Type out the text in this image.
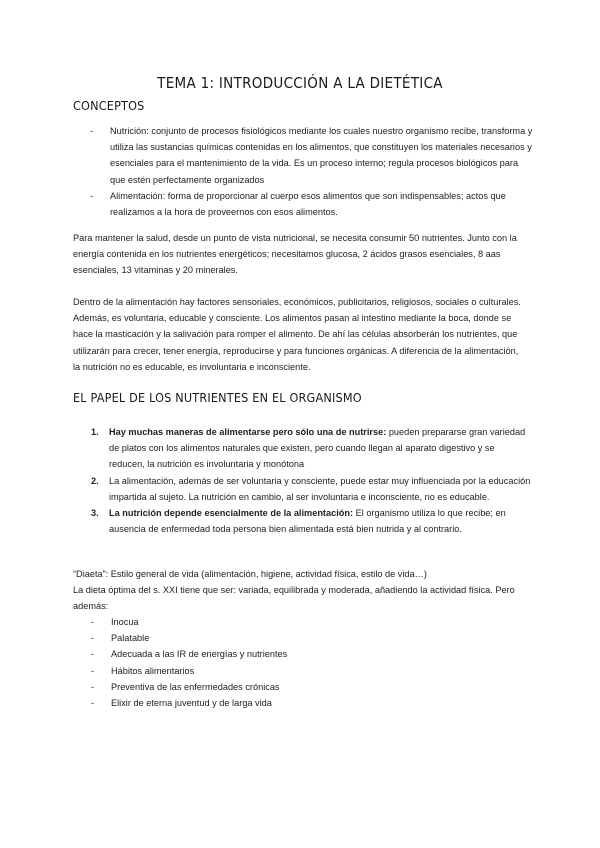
TEMA 1: INTRODUCCIÓN A LA DIETÉTICA
CONCEPTOS
- Nutrición: conjunto de procesos fisiológicos mediante los cuales nuestro organismo recibe, transforma y utiliza las sustancias químicas contenidas en los alimentos, que constituyen los materiales necesarios y esenciales para el mantenimiento de la vida. Es un proceso interno; regula procesos biológicos para que estén perfectamente organizados
- Alimentación: forma de proporcionar al cuerpo esos alimentos que son indispensables; actos que realizamos a la hora de proveernos con esos alimentos.

Para mantener la salud, desde un punto de vista nutricional, se necesita consumir 50 nutrientes. Junto con la energía contenida en los nutrientes energéticos; necesitamos glucosa, 2 ácidos grasos esenciales, 8 aas esenciales, 13 vitaminas y 20 minerales.

Dentro de la alimentación hay factores sensoriales, económicos, publicitarios, religiosos, sociales o culturales. Además, es voluntaria, educable y consciente. Los alimentos pasan al intestino mediante la boca, donde se hace la masticación y la salivación para romper el alimento. De ahí las células absorberán los nutrientes, que utilizarán para crecer, tener energía, reproducirse y para funciones orgánicas. A diferencia de la alimentación, la nutrición no es educable, es involuntaria e inconsciente.

EL PAPEL DE LOS NUTRIENTES EN EL ORGANISMO
1. Hay muchas maneras de alimentarse pero sólo una de nutrirse: pueden prepararse gran variedad de platos con los alimentos naturales que existen, pero cuando llegan al aparato digestivo y se reducen, la nutrición es involuntaria y monótona
2. La alimentación, además de ser voluntaria y consciente, puede estar muy influenciada por la educación impartida al sujeto. La nutrición en cambio, al ser involuntaria e inconsciente, no es educable.
3. La nutrición depende esencialmente de la alimentación: El organismo utiliza lo que recibe; en ausencia de enfermedad toda persona bien alimentada está bien nutrida y al contrario.

“Diaeta”: Estilo general de vida (alimentación, higiene, actividad física, estilo de vida…)

La dieta óptima del s. XXI tiene que ser: variada, equilibrada y moderada, añadiendo la actividad física. Pero además:

- Inocua
- Palatable
- Adecuada a las IR de energías y nutrientes
- Hábitos alimentarios
- Preventiva de las enfermedades crónicas
- Elixir de eterna juventud y de larga vida
